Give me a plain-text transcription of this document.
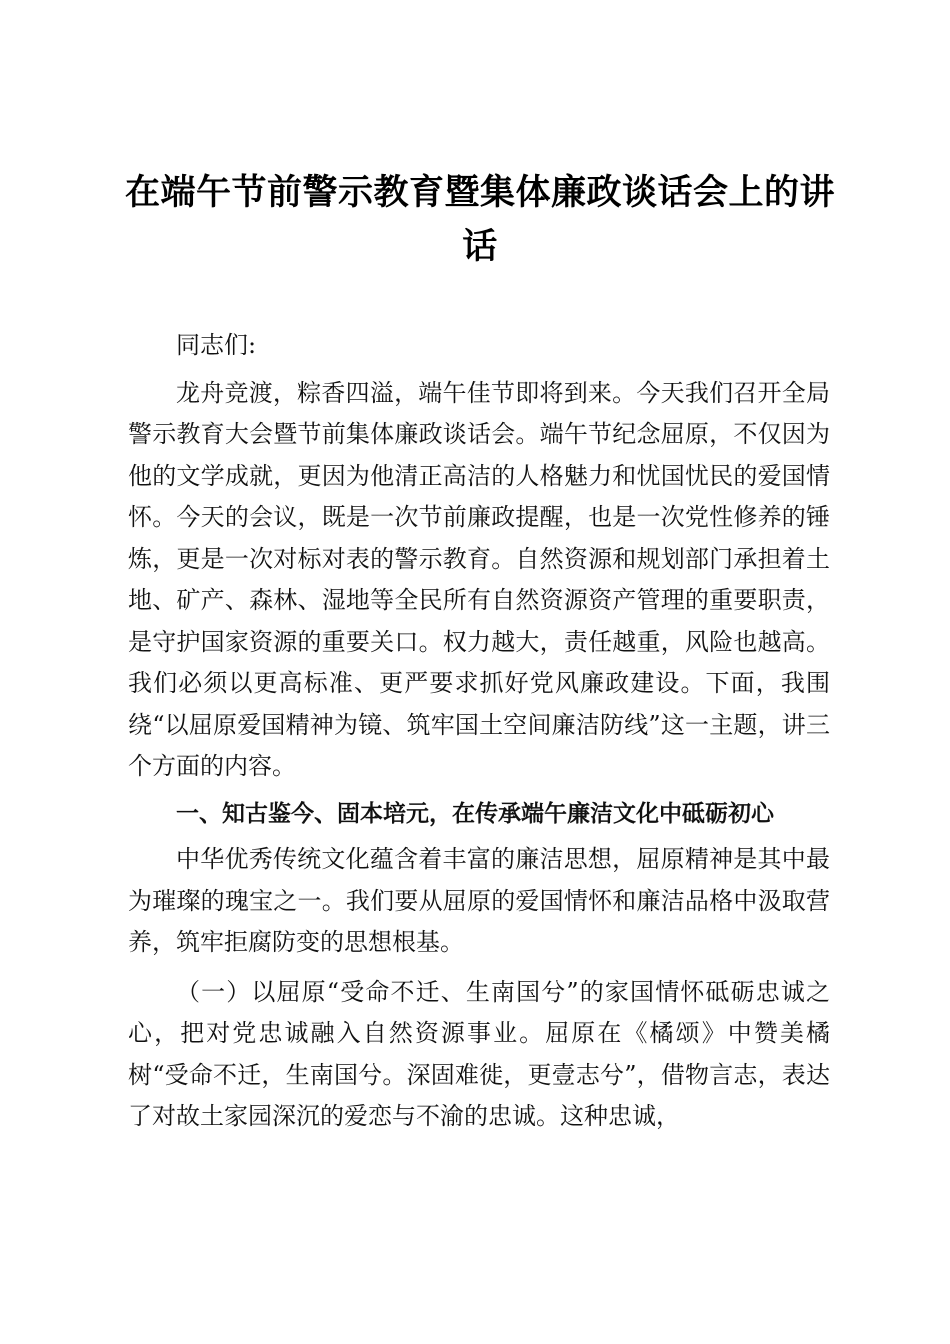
在端午节前警示教育暨集体廉政谈话会上的讲话

同志们:

龙舟竞渡，粽香四溢，端午佳节即将到来。今天我们召开全局警示教育大会暨节前集体廉政谈话会。端午节纪念屈原，不仅因为他的文学成就，更因为他清正高洁的人格魅力和忧国忧民的爱国情怀。今天的会议，既是一次节前廉政提醒，也是一次党性修养的锤炼，更是一次对标对表的警示教育。自然资源和规划部门承担着土地、矿产、森林、湿地等全民所有自然资源资产管理的重要职责，是守护国家资源的重要关口。权力越大，责任越重，风险也越高。我们必须以更高标准、更严要求抓好党风廉政建设。下面，我围绕“以屈原爱国精神为镜、筑牢国土空间廉洁防线”这一主题，讲三个方面的内容。

一、知古鉴今、固本培元，在传承端午廉洁文化中砥砺初心

中华优秀传统文化蕴含着丰富的廉洁思想，屈原精神是其中最为璀璨的瑰宝之一。我们要从屈原的爱国情怀和廉洁品格中汲取营养，筑牢拒腐防变的思想根基。

（一）以屈原“受命不迁、生南国兮”的家国情怀砥砺忠诚之心，把对党忠诚融入自然资源事业。屈原在《橘颂》中赞美橘树“受命不迁，生南国兮。深固难徙，更壹志兮”，借物言志，表达了对故土家园深沉的爱恋与不渝的忠诚。这种忠诚，
